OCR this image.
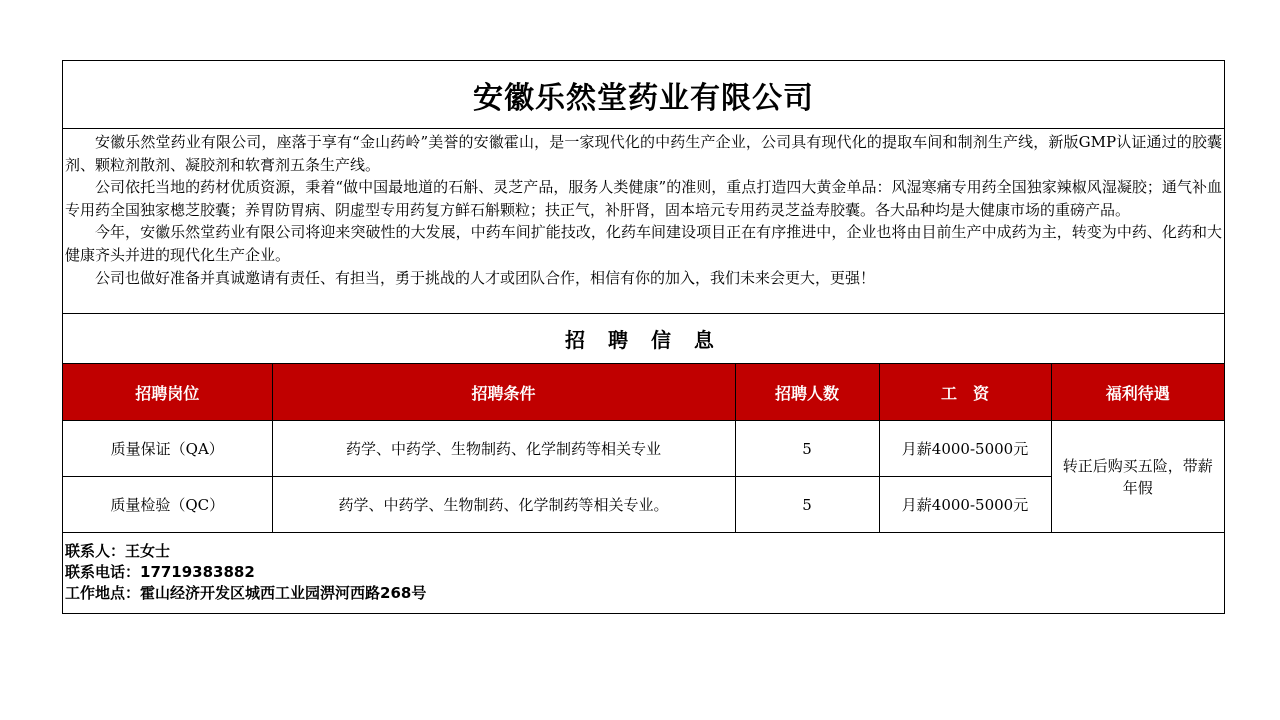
安徽乐然堂药业有限公司

安徽乐然堂药业有限公司，座落于享有“金山药岭”美誉的安徽霍山，是一家现代化的中药生产企业，公司具有现代化的提取车间和制剂生产线，新版GMP认证通过的胶囊剂、颗粒剂散剂、凝胶剂和软膏剂五条生产线。

公司依托当地的药材优质资源，秉着“做中国最地道的石斛、灵芝产品，服务人类健康”的准则，重点打造四大黄金单品：风湿寒痛专用药全国独家辣椒风湿凝胶；通气补血专用药全国独家樬芝胶囊；养胃防胃病、阴虚型专用药复方鲜石斛颗粒；扶正气，补肝肾，固本培元专用药灵芝益寿胶囊。各大品种均是大健康市场的重磅产品。

今年，安徽乐然堂药业有限公司将迎来突破性的大发展，中药车间扩能技改，化药车间建设项目正在有序推进中，企业也将由目前生产中成药为主，转变为中药、化药和大健康齐头并进的现代化生产企业。

公司也做好准备并真诚邀请有责任、有担当，勇于挑战的人才或团队合作，相信有你的加入，我们未来会更大，更强！

招 聘 信 息
招聘岗位	招聘条件	招聘人数	工　资	福利待遇
质量保证（QA）	药学、中药学、生物制药、化学制药等相关专业	5	月薪4000-5000元	转正后购买五险，带薪年假
质量检验（QC）	药学、中药学、生物制药、化学制药等相关专业。	5	月薪4000-5000元	
联系人：王女士
联系电话：17719383882
工作地点：霍山经济开发区城西工业园淠河西路268号
